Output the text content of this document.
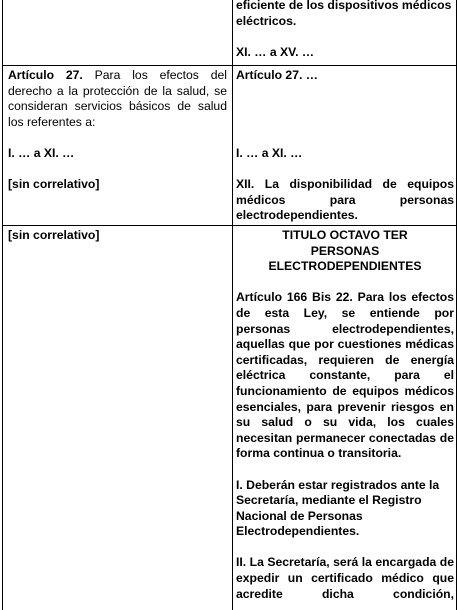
eficiente de los dispositivos médicos

eléctricos.

XI. … a XV. …

Artículo 27. Para los efectos del derecho a la protección de la salud, se consideran servicios básicos de salud los referentes a:

I. … a XI. …

[sin correlativo]

Artículo 27. …

I. … a XI. …

XII. La disponibilidad de equipos médicos para personas electrodependientes.

[sin correlativo]	TITULO OCTAVO TER

PERSONAS

ELECTRODEPENDIENTES

Artículo 166 Bis 22. Para los efectos de esta Ley, se entiende por personas electrodependientes, aquellas que por cuestiones médicas certificadas, requieren de energía eléctrica constante, para el funcionamiento de equipos médicos esenciales, para prevenir riesgos en su salud o su vida, los cuales necesitan permanecer conectadas de forma continua o transitoria.

I. Deberán estar registrados ante la

Secretaría, mediante el Registro

Nacional de Personas

Electrodependientes.

II. La Secretaría, será la encargada de expedir un certificado médico que acredite dicha condición,
